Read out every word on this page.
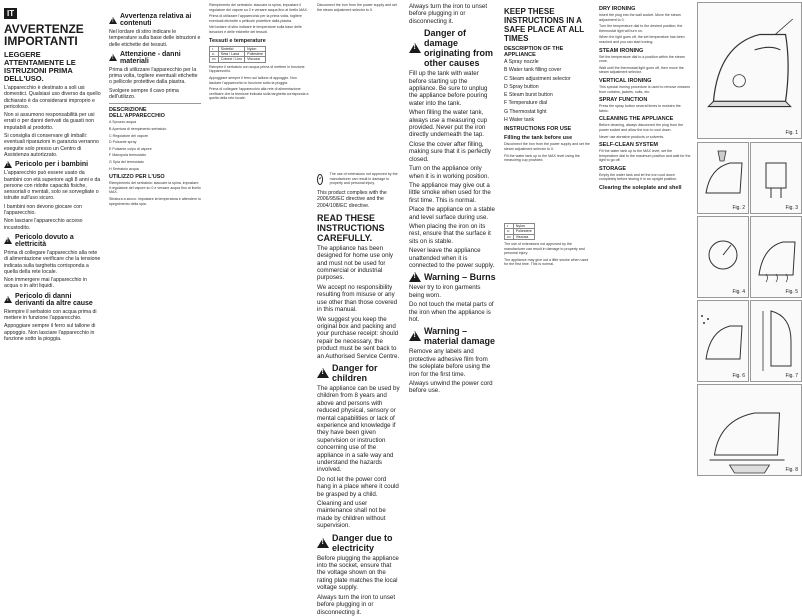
IT
AVVERTENZE IMPORTANTI
LEGGERE ATTENTAMENTE LE ISTRUZIONI PRIMA DELL'USO.

L'apparecchio è destinato a soli usi domestici. Qualsiasi uso diverso da quello dichiarato è da considerarsi improprio e pericoloso.

Non si assumono responsabilità per usi errati o per danni derivati da guasti non imputabili al prodotto.

Si consiglia di conservare gli imballi: eventuali riparazioni in garanzia verranno eseguite solo presso un Centro di Assistenza autorizzato.

!
Pericolo per i bambini

L'apparecchio può essere usato da bambini con età superiore agli 8 anni e da persone con ridotte capacità fisiche, sensoriali o mentali, solo se sorvegliate o istruite sull'uso sicuro.

I bambini non devono giocare con l'apparecchio.

Non lasciare l'apparecchio acceso incustodito.

!
Pericolo dovuto a elettricità

Prima di collegare l'apparecchio alla rete di alimentazione verificare che la tensione indicata sulla targhetta corrisponda a quella della rete locale.

Non immergere mai l'apparecchio in acqua o in altri liquidi.

!
Pericolo di danni derivanti da altre cause

Riempire il serbatoio con acqua prima di mettere in funzione l'apparecchio.

Appoggiare sempre il ferro sul tallone di appoggio. Non lasciare l'apparecchio in funzione sotto la pioggia.

!
Avvertenza relativa ai contenuti

Nel lordare di stiro indicare le temperature sulla base delle istruzioni e delle etichette dei tessuti.

!
Attenzione - danni materiali

Prima di utilizzare l'apparecchio per la prima volta, togliere eventuali etichette o pellicole protettive dalla piastra.

Svolgere sempre il cavo prima dell'utilizzo.

DESCRIZIONE DELL'APPARECCHIO

A Spruzzo acqua

B Apertura di riempimento serbatoio

C Regolatore del vapore

D Pulsante spray

E Pulsante colpo di vapore

F Manopola termostato

G Spia del termostato

H Serbatoio acqua

UTILIZZO PER L'USO

Riempimento del serbatoio: staccare la spina, impostare il regolatore del vapore su 0 e versare acqua fino al livello MAX.

Stiratura a secco: impostare la temperatura e attendere lo spegnimento della spia.

Riempimento del serbatoio: staccare la spina, impostare il regolatore del vapore su 0 e versare acqua fino al livello MAX.

Prima di utilizzare l'apparecchio per la prima volta, togliere eventuali etichette o pellicole protettive dalla piastra.

Nel lordare di stiro indicare le temperature sulla base delle istruzioni e delle etichette dei tessuti.

Tessuti e temperature
•	Sintetici	Nylon
••	Seta / Lana	Poliestere
•••	Cotone / Lino	Viscosa

Riempire il serbatoio con acqua prima di mettere in funzione l'apparecchio.

Appoggiare sempre il ferro sul tallone di appoggio. Non lasciare l'apparecchio in funzione sotto la pioggia.

Prima di collegare l'apparecchio alla rete di alimentazione verificare che la tensione indicata sulla targhetta corrisponda a quella della rete locale.

Disconnect the iron from the power supply and set the steam adjustment selector to 0.

The use of extensions not approved by the manufacturer can result in damage to property and personal injury.

This product complies with the 2006/95/EC directive and the 2004/108/EC directive.

READ THESE INSTRUCTIONS CAREFULLY.

The appliance has been designed for home use only and must not be used for commercial or industrial purposes.

We accept no responsibility resulting from misuse or any use other than those covered in this manual.

We suggest you keep the original box and packing and your purchase receipt: should repair be necessary, the product must be sent back to an Authorised Service Centre.

!
Danger for children

The appliance can be used by children from 8 years and above and persons with reduced physical, sensory or mental capabilities or lack of experience and knowledge if they have been given supervision or instruction concerning use of the appliance in a safe way and understand the hazards involved.

Do not let the power cord hang in a place where it could be grasped by a child.

Cleaning and user maintenance shall not be made by children without supervision.

!
Danger due to electricity

Before plugging the appliance into the socket, ensure that the voltage shown on the rating plate matches the local voltage supply.

Always turn the iron to unset before plugging in or disconnecting it.

Always turn the iron to unset before plugging in or disconnecting it.

!
Danger of damage originating from other causes

Fill up the tank with water before starting up the appliance. Be sure to unplug the appliance before pouring water into the tank.

When filling the water tank, always use a measuring cup provided. Never put the iron directly underneath the tap.

Close the cover after filling, making sure that it is perfectly closed.

Turn on the appliance only when it is in working position.

The appliance may give out a little smoke when used for the first time. This is normal.

Place the appliance on a stable and level surface during use.

When placing the iron on its rest, ensure that the surface it sits on is stable.

Never leave the appliance unattended when it is connected to the power supply.

!
Warning – Burns

Never try to iron garments being worn.

Do not touch the metal parts of the iron when the appliance is hot.

!
Warning – material damage

Remove any labels and protective adhesive film from the soleplate before using the iron for the first time.

Always unwind the power cord before use.

KEEP THESE INSTRUCTIONS IN A SAFE PLACE AT ALL TIMES
DESCRIPTION OF THE APPLIANCE

A Spray nozzle

B Water tank filling cover

C Steam adjustment selector

D Spray button

E Steam burst button

F Temperature dial

G Thermostat light

H Water tank

INSTRUCTIONS FOR USE
Filling the tank before use

Disconnect the iron from the power supply and set the steam adjustment selector to 0.

Fill the water tank up to the MAX level using the measuring cup provided.

•	Nylon
••	Poliestere
•••	Viscosa

The use of extensions not approved by the manufacturer can result in damage to property and personal injury.

The appliance may give out a little smoke when used for the first time. This is normal.

DRY IRONING

Insert the plug into the wall socket. Move the steam adjustment to 0.

Turn the temperature dial to the desired position; the thermostat light will turn on.

When the light goes off, the set temperature has been reached and you can start ironing.

STEAM IRONING

Set the temperature dial to a position within the steam zone.

Wait until the thermostat light goes off, then move the steam adjustment selector.

VERTICAL IRONING

This special ironing procedure is used to remove creases from curtains, jackets, suits, etc.

SPRAY FUNCTION

Press the spray button several times to moisten the fabric.

CLEANING THE APPLIANCE

Before cleaning, always disconnect the plug from the power socket and allow the iron to cool down.

Never use abrasive products or solvents.

SELF-CLEAN SYSTEM

Fill the water tank up to the MAX level, set the temperature dial to the maximum position and wait for the light to go off.

STORAGE

Empty the water tank and let the iron cool down completely before storing it in an upright position.

Clearing the soleplate and shell
Fig. 1
Fig. 2	Fig. 3
Fig. 4	Fig. 5
Fig. 6	Fig. 7
Fig. 8
